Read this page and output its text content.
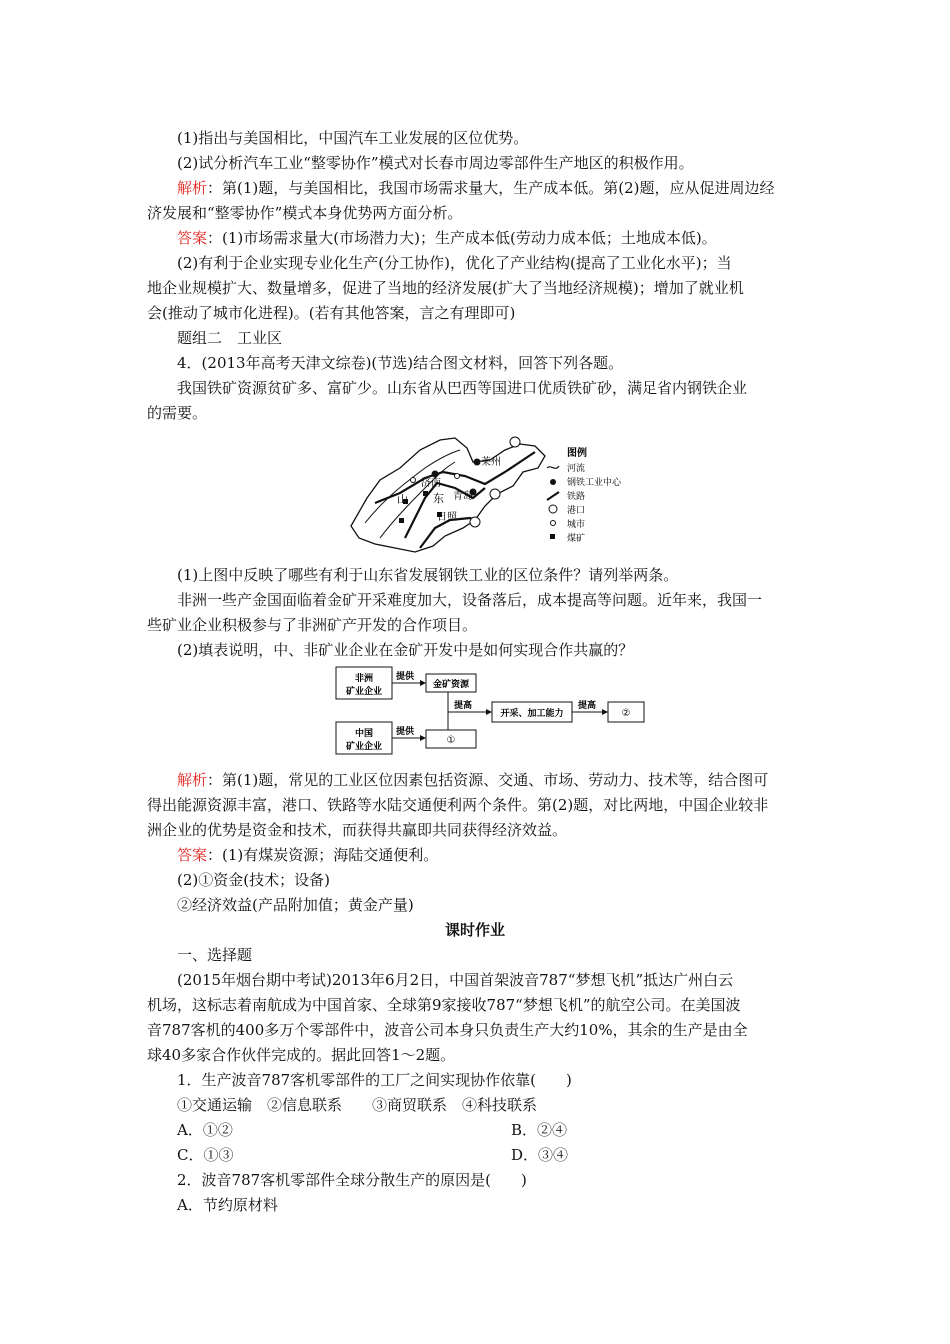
(1)指出与美国相比，中国汽车工业发展的区位优势。
(2)试分析汽车工业“整零协作”模式对长春市周边零部件生产地区的积极作用。
解析：第(1)题，与美国相比，我国市场需求量大，生产成本低。第(2)题，应从促进周边经
济发展和“整零协作”模式本身优势两方面分析。
答案：(1)市场需求量大(市场潜力大)；生产成本低(劳动力成本低；土地成本低)。
(2)有利于企业实现专业化生产(分工协作)，优化了产业结构(提高了工业化水平)；当
地企业规模扩大、数量增多，促进了当地的经济发展(扩大了当地经济规模)；增加了就业机
会(推动了城市化进程)。(若有其他答案，言之有理即可)
题组二　工业区
4．(2013年高考天津文综卷)(节选)结合图文材料，回答下列各题。
我国铁矿资源贫矿多、富矿少。山东省从巴西等国进口优质铁矿砂，满足省内钢铁企业
的需要。
莱州
济南
青岛
日照
山 东
图例
河流
钢铁工业中心
铁路
港口
城市
煤矿
(1)上图中反映了哪些有利于山东省发展钢铁工业的区位条件？请列举两条。
非洲一些产金国面临着金矿开采难度加大，设备落后，成本提高等问题。近年来，我国一
些矿业企业积极参与了非洲矿产开发的合作项目。
(2)填表说明，中、非矿业企业在金矿开发中是如何实现合作共赢的？
非洲
矿业企业
提供
金矿资源
中国
矿业企业
提供
①
提高
开采、加工能力
提高
②
解析：第(1)题，常见的工业区位因素包括资源、交通、市场、劳动力、技术等，结合图可
得出能源资源丰富，港口、铁路等水陆交通便利两个条件。第(2)题，对比两地，中国企业较非
洲企业的优势是资金和技术，而获得共赢即共同获得经济效益。
答案：(1)有煤炭资源；海陆交通便利。
(2)①资金(技术；设备)
②经济效益(产品附加值；黄金产量)
课时作业
一、选择题
(2015年烟台期中考试)2013年6月2日，中国首架波音787“梦想飞机”抵达广州白云
机场，这标志着南航成为中国首家、全球第9家接收787“梦想飞机”的航空公司。在美国波
音787客机的400多万个零部件中，波音公司本身只负责生产大约10%，其余的生产是由全
球40多家合作伙伴完成的。据此回答1～2题。
1．生产波音787客机零部件的工厂之间实现协作依靠(　　)
①交通运输　②信息联系　　③商贸联系　④科技联系
A．①②	B．②④
C．①③	D．③④
2．波音787客机零部件全球分散生产的原因是(　　)
A．节约原材料
